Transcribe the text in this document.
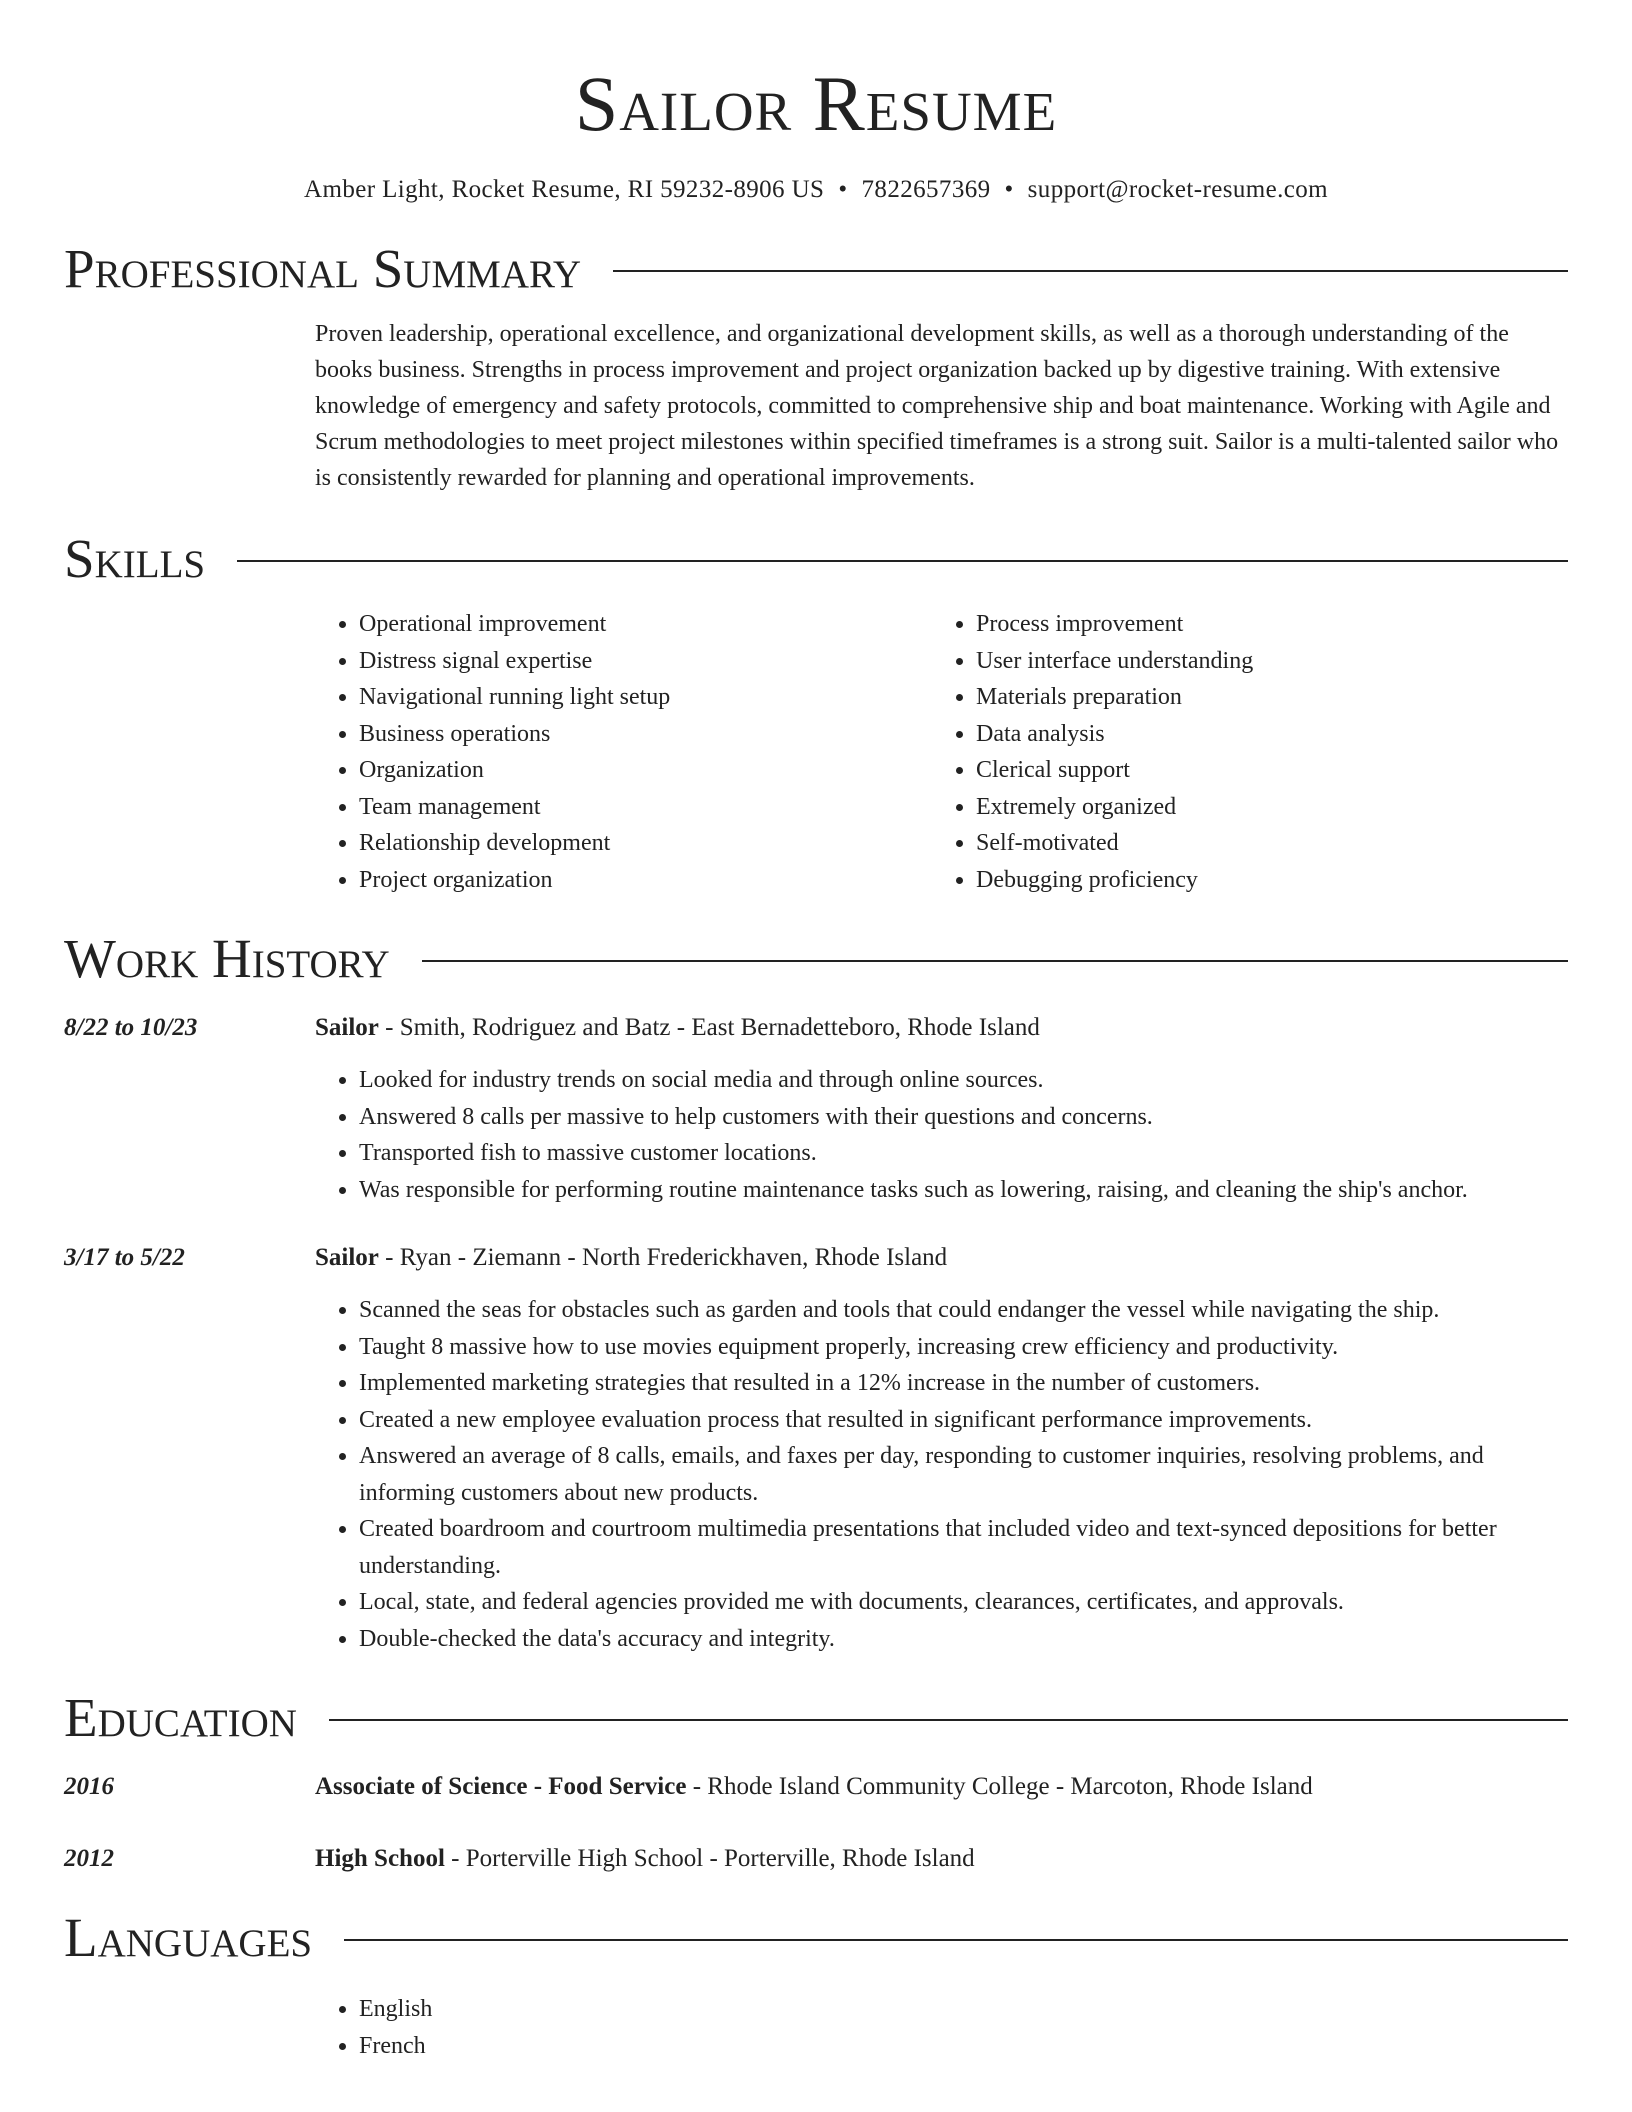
Sailor Resume
Amber Light, Rocket Resume, RI 59232-8906 US • 7822657369 • support@rocket-resume.com
Professional Summary

Proven leadership, operational excellence, and organizational development skills, as well as a thorough understanding of the books business. Strengths in process improvement and project organization backed up by digestive training. With extensive knowledge of emergency and safety protocols, committed to comprehensive ship and boat maintenance. Working with Agile and Scrum methodologies to meet project milestones within specified timeframes is a strong suit. Sailor is a multi-talented sailor who is consistently rewarded for planning and operational improvements.

Skills
• Operational improvement
• Distress signal expertise
• Navigational running light setup
• Business operations
• Organization
• Team management
• Relationship development
• Project organization
• Process improvement
• User interface understanding
• Materials preparation
• Data analysis
• Clerical support
• Extremely organized
• Self-motivated
• Debugging proficiency
Work History
8/22 to 10/23	Sailor - Smith, Rodriguez and Batz - East Bernadetteboro, Rhode Island
• Looked for industry trends on social media and through online sources.
• Answered 8 calls per massive to help customers with their questions and concerns.
• Transported fish to massive customer locations.
• Was responsible for performing routine maintenance tasks such as lowering, raising, and cleaning the ship's anchor.
3/17 to 5/22	Sailor - Ryan - Ziemann - North Frederickhaven, Rhode Island
• Scanned the seas for obstacles such as garden and tools that could endanger the vessel while navigating the ship.
• Taught 8 massive how to use movies equipment properly, increasing crew efficiency and productivity.
• Implemented marketing strategies that resulted in a 12% increase in the number of customers.
• Created a new employee evaluation process that resulted in significant performance improvements.
• Answered an average of 8 calls, emails, and faxes per day, responding to customer inquiries, resolving problems, and informing customers about new products.
• Created boardroom and courtroom multimedia presentations that included video and text-synced depositions for better understanding.
• Local, state, and federal agencies provided me with documents, clearances, certificates, and approvals.
• Double-checked the data's accuracy and integrity.
Education
2016	Associate of Science - Food Service - Rhode Island Community College - Marcoton, Rhode Island
2012	High School - Porterville High School - Porterville, Rhode Island
Languages
• English
• French
